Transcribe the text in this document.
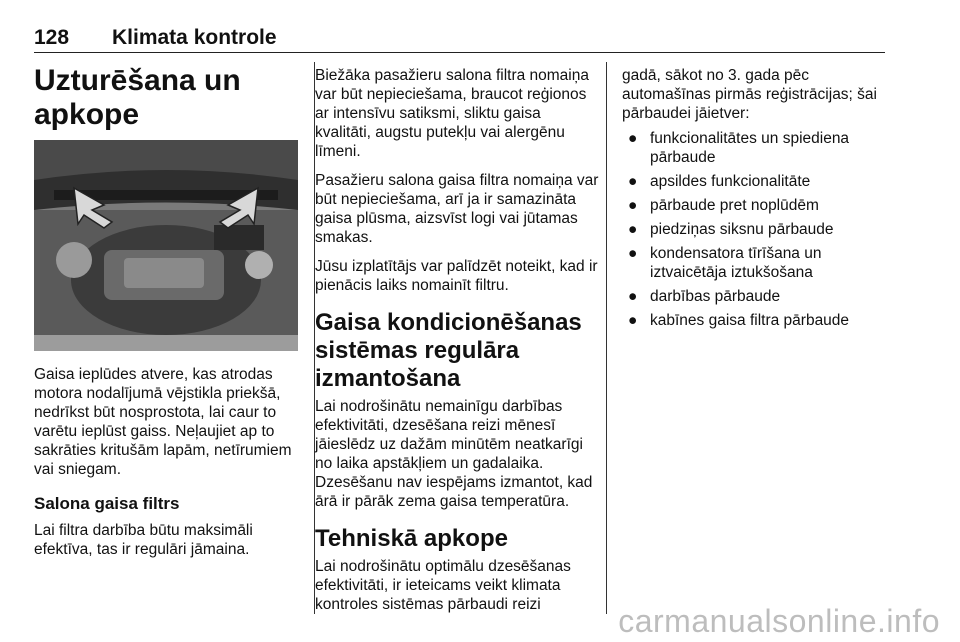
128 Klimata kontrole
Uzturēšana un apkope

Gaisa ieplūdes atvere, kas atrodas motora nodalījumā vējstikla priekšā, nedrīkst būt nosprostota, lai caur to varētu ieplūst gaiss. Neļaujiet ap to sakrāties kritušām lapām, netīrumiem vai sniegam.

Salona gaisa filtrs

Lai filtra darbība būtu maksimāli efektīva, tas ir regulāri jāmaina.

Biežāka pasažieru salona filtra nomaiņa var būt nepieciešama, braucot reģionos ar intensīvu satiksmi, sliktu gaisa kvalitāti, augstu putekļu vai alergēnu līmeni.

Pasažieru salona gaisa filtra nomaiņa var būt nepieciešama, arī ja ir samazināta gaisa plūsma, aizsvīst logi vai jūtamas smakas.

Jūsu izplatītājs var palīdzēt noteikt, kad ir pienācis laiks nomainīt filtru.

Gaisa kondicionēšanas sistēmas regulāra izmantošana

Lai nodrošinātu nemainīgu darbības efektivitāti, dzesēšana reizi mēnesī jāieslēdz uz dažām minūtēm neatkarīgi no laika apstākļiem un gadalaika. Dzesēšanu nav iespējams izmantot, kad ārā ir pārāk zema gaisa temperatūra.

Tehniskā apkope

Lai nodrošinātu optimālu dzesēšanas efektivitāti, ir ieteicams veikt klimata kontroles sistēmas pārbaudi reizi

gadā, sākot no 3. gada pēc automašīnas pirmās reģistrācijas; šai pārbaudei jāietver:

● funkcionalitātes un spiediena pārbaude
● apsildes funkcionalitāte
● pārbaude pret noplūdēm
● piedziņas siksnu pārbaude
● kondensatora tīrīšana un iztvaicētāja iztukšošana
● darbības pārbaude
● kabīnes gaisa filtra pārbaude
carmanualsonline.info
